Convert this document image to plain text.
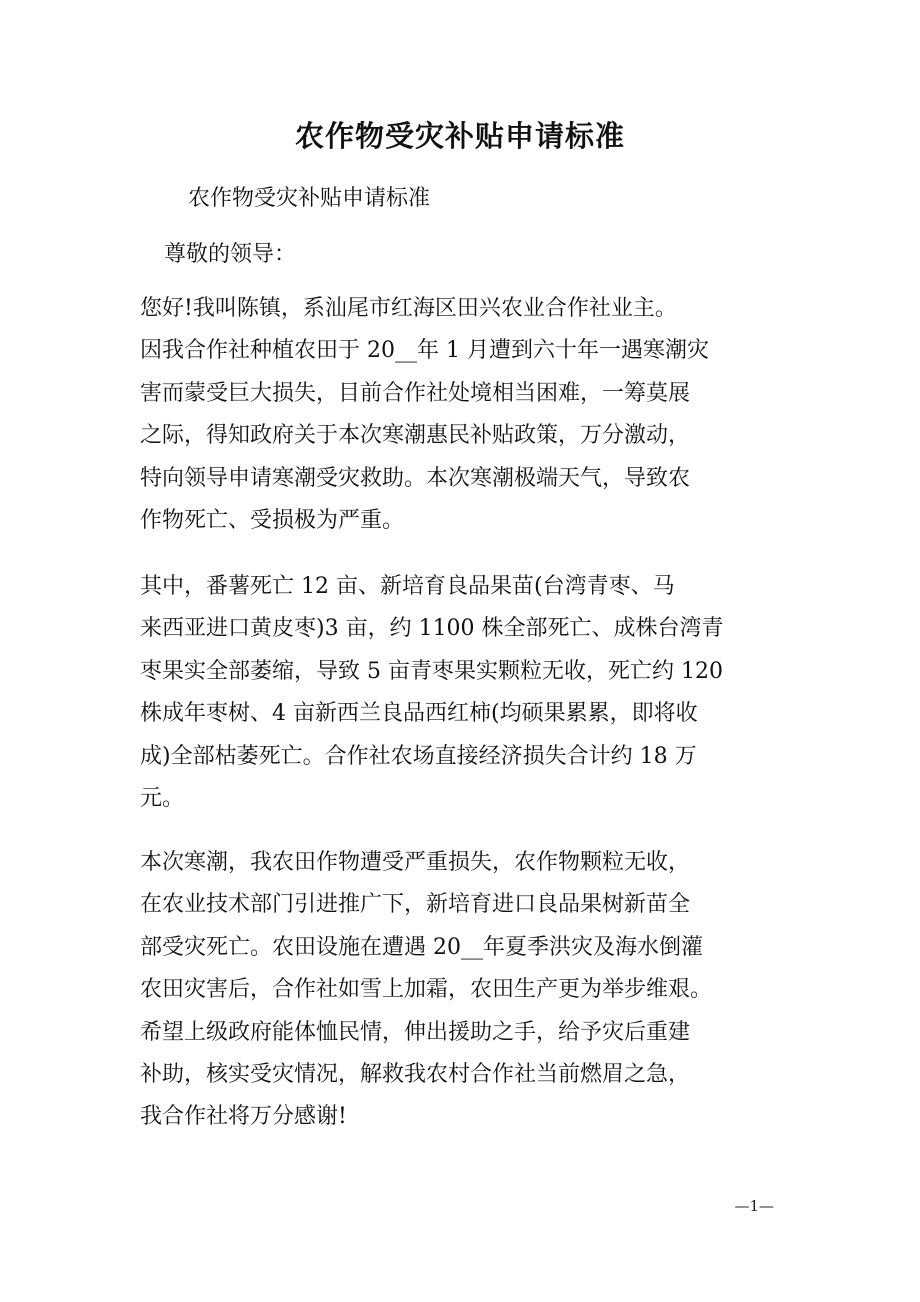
农作物受灾补贴申请标准

农作物受灾补贴申请标准

尊敬的领导：

您好!我叫陈镇，系汕尾市红海区田兴农业合作社业主。
因我合作社种植农田于 20__年 1 月遭到六十年一遇寒潮灾
害而蒙受巨大损失，目前合作社处境相当困难，一筹莫展
之际，得知政府关于本次寒潮惠民补贴政策，万分激动，
特向领导申请寒潮受灾救助。本次寒潮极端天气，导致农
作物死亡、受损极为严重。
其中，番薯死亡 12 亩、新培育良品果苗(台湾青枣、马
来西亚进口黄皮枣)3 亩，约 1100 株全部死亡、成株台湾青
枣果实全部萎缩，导致 5 亩青枣果实颗粒无收，死亡约 120
株成年枣树、4 亩新西兰良品西红柿(均硕果累累，即将收
成)全部枯萎死亡。合作社农场直接经济损失合计约 18 万
元。
本次寒潮，我农田作物遭受严重损失，农作物颗粒无收，
在农业技术部门引进推广下，新培育进口良品果树新苗全
部受灾死亡。农田设施在遭遇 20__年夏季洪灾及海水倒灌
农田灾害后，合作社如雪上加霜，农田生产更为举步维艰。
希望上级政府能体恤民情，伸出援助之手，给予灾后重建
补助，核实受灾情况，解救我农村合作社当前燃眉之急，
我合作社将万分感谢!
—1—
